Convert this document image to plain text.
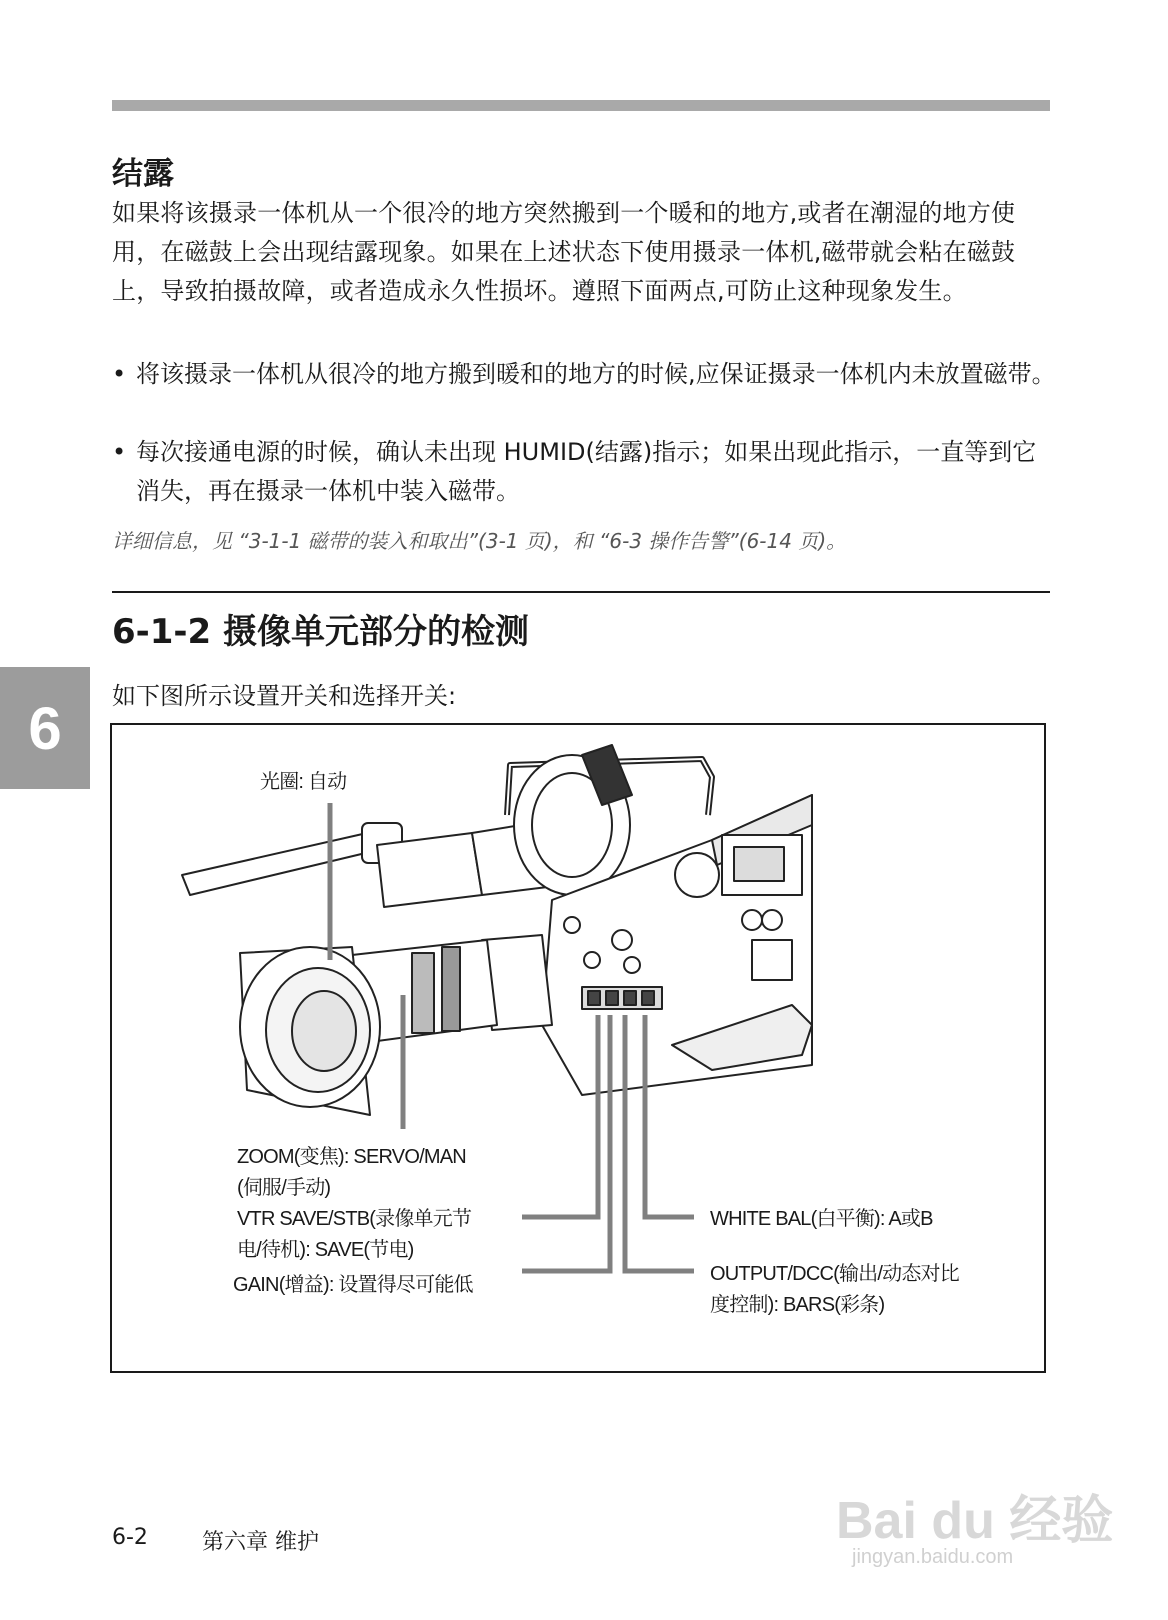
结露

如果将该摄录一体机从一个很冷的地方突然搬到一个暖和的地方,或者在潮湿的地方使用，在磁鼓上会出现结露现象。如果在上述状态下使用摄录一体机,磁带就会粘在磁鼓上，导致拍摄故障，或者造成永久性损坏。遵照下面两点,可防止这种现象发生。

• 将该摄录一体机从很冷的地方搬到暖和的地方的时候,应保证摄录一体机内未放置磁带。

• 每次接通电源的时候，确认未出现 HUMID(结露)指示；如果出现此指示，一直等到它消失，再在摄录一体机中装入磁带。

详细信息，见 “3-1-1 磁带的装入和取出”(3-1 页)，和 “6-3 操作告警”(6-14 页)。

6-1-2 摄像单元部分的检测

如下图所示设置开关和选择开关:

6
光圈: 自动
ZOOM(变焦): SERVO/MAN
(伺服/手动)
VTR SAVE/STB(录像单元节
电/待机): SAVE(节电)
GAIN(增益): 设置得尽可能低
WHITE BAL(白平衡): A或B
OUTPUT/DCC(输出/动态对比
度控制): BARS(彩条)

6-2 第六章 维护	Bai du 经验
jingyan.baidu.com
